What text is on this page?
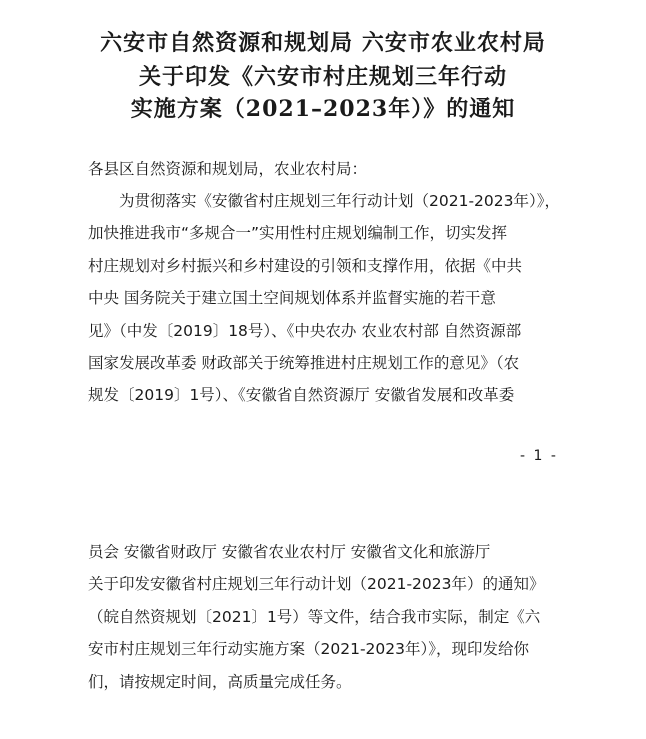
六安市自然资源和规划局 六安市农业农村局
关于印发《六安市村庄规划三年行动
实施方案（2021–2023年）》的通知

各县区自然资源和规划局，农业农村局：

为贯彻落实《安徽省村庄规划三年行动计划（2021-2023年）》，
加快推进我市“多规合一”实用性村庄规划编制工作，切实发挥
村庄规划对乡村振兴和乡村建设的引领和支撑作用，依据《中共
中央 国务院关于建立国土空间规划体系并监督实施的若干意
见》（中发〔2019〕18号）、《中央农办 农业农村部 自然资源部
国家发展改革委 财政部关于统筹推进村庄规划工作的意见》（农
规发〔2019〕1号）、《安徽省自然资源厅 安徽省发展和改革委

- 1 -

员会 安徽省财政厅 安徽省农业农村厅 安徽省文化和旅游厅
关于印发安徽省村庄规划三年行动计划（2021-2023年）的通知》
（皖自然资规划〔2021〕1号）等文件，结合我市实际，制定《六
安市村庄规划三年行动实施方案（2021-2023年）》，现印发给你
们，请按规定时间，高质量完成任务。
